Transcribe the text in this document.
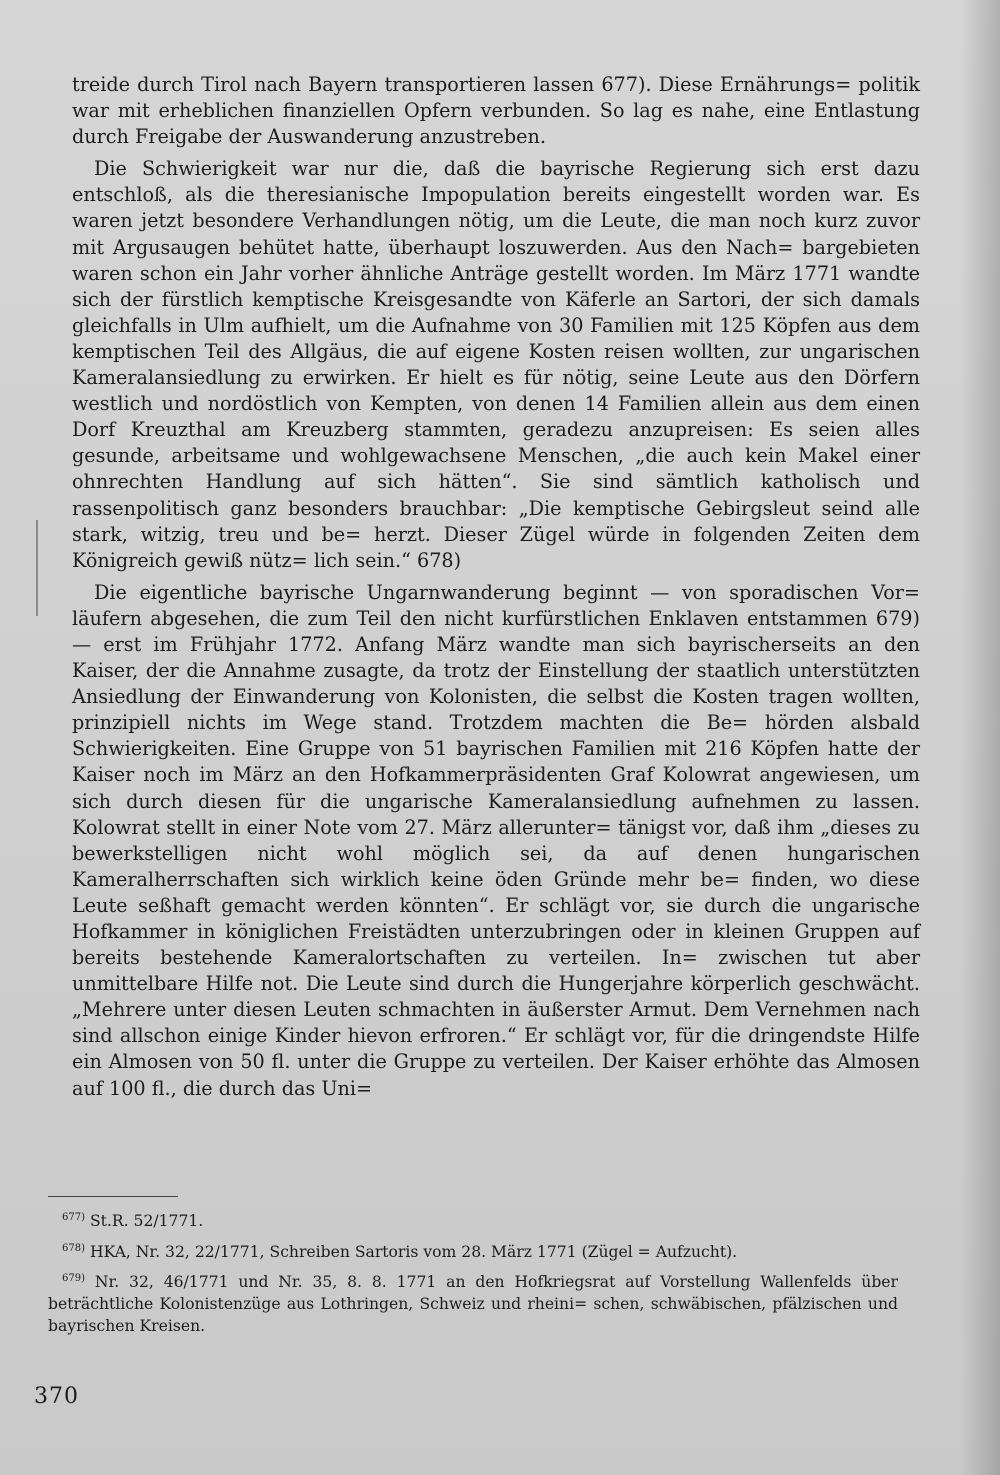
treide durch Tirol nach Bayern transportieren lassen 677). Diese Ernährungs= politik war mit erheblichen finanziellen Opfern verbunden. So lag es nahe, eine Entlastung durch Freigabe der Auswanderung anzustreben.

Die Schwierigkeit war nur die, daß die bayrische Regierung sich erst dazu entschloß, als die theresianische Impopulation bereits eingestellt worden war. Es waren jetzt besondere Verhandlungen nötig, um die Leute, die man noch kurz zuvor mit Argusaugen behütet hatte, überhaupt loszuwerden. Aus den Nach= bargebieten waren schon ein Jahr vorher ähnliche Anträge gestellt worden. Im März 1771 wandte sich der fürstlich kemptische Kreisgesandte von Käferle an Sartori, der sich damals gleichfalls in Ulm aufhielt, um die Aufnahme von 30 Familien mit 125 Köpfen aus dem kemptischen Teil des Allgäus, die auf eigene Kosten reisen wollten, zur ungarischen Kameralansiedlung zu erwirken. Er hielt es für nötig, seine Leute aus den Dörfern westlich und nordöstlich von Kempten, von denen 14 Familien allein aus dem einen Dorf Kreuzthal am Kreuzberg stammten, geradezu anzupreisen: Es seien alles gesunde, arbeitsame und wohlgewachsene Menschen, „die auch kein Makel einer ohnrechten Handlung auf sich hätten“. Sie sind sämtlich katholisch und rassenpolitisch ganz besonders brauchbar: „Die kemptische Gebirgsleut seind alle stark, witzig, treu und be= herzt. Dieser Zügel würde in folgenden Zeiten dem Königreich gewiß nütz= lich sein.“ 678)

Die eigentliche bayrische Ungarnwanderung beginnt — von sporadischen Vor= läufern abgesehen, die zum Teil den nicht kurfürstlichen Enklaven entstammen 679) — erst im Frühjahr 1772. Anfang März wandte man sich bayrischerseits an den Kaiser, der die Annahme zusagte, da trotz der Einstellung der staatlich unterstützten Ansiedlung der Einwanderung von Kolonisten, die selbst die Kosten tragen wollten, prinzipiell nichts im Wege stand. Trotzdem machten die Be= hörden alsbald Schwierigkeiten. Eine Gruppe von 51 bayrischen Familien mit 216 Köpfen hatte der Kaiser noch im März an den Hofkammerpräsidenten Graf Kolowrat angewiesen, um sich durch diesen für die ungarische Kameralansiedlung aufnehmen zu lassen. Kolowrat stellt in einer Note vom 27. März allerunter= tänigst vor, daß ihm „dieses zu bewerkstelligen nicht wohl möglich sei, da auf denen hungarischen Kameralherrschaften sich wirklich keine öden Gründe mehr be= finden, wo diese Leute seßhaft gemacht werden könnten“. Er schlägt vor, sie durch die ungarische Hofkammer in königlichen Freistädten unterzubringen oder in kleinen Gruppen auf bereits bestehende Kameralortschaften zu verteilen. In= zwischen tut aber unmittelbare Hilfe not. Die Leute sind durch die Hungerjahre körperlich geschwächt. „Mehrere unter diesen Leuten schmachten in äußerster Armut. Dem Vernehmen nach sind allschon einige Kinder hievon erfroren.“ Er schlägt vor, für die dringendste Hilfe ein Almosen von 50 fl. unter die Gruppe zu verteilen. Der Kaiser erhöhte das Almosen auf 100 fl., die durch das Uni=

$^{677)}$ St.R. 52/1771.

$^{678)}$ HKA, Nr. 32, 22/1771, Schreiben Sartoris vom 28. März 1771 (Zügel = Aufzucht).

$^{679)}$ Nr. 32, 46/1771 und Nr. 35, 8. 8. 1771 an den Hofkriegsrat auf Vorstellung Wallenfelds über beträchtliche Kolonistenzüge aus Lothringen, Schweiz und rheini= schen, schwäbischen, pfälzischen und bayrischen Kreisen.

370
